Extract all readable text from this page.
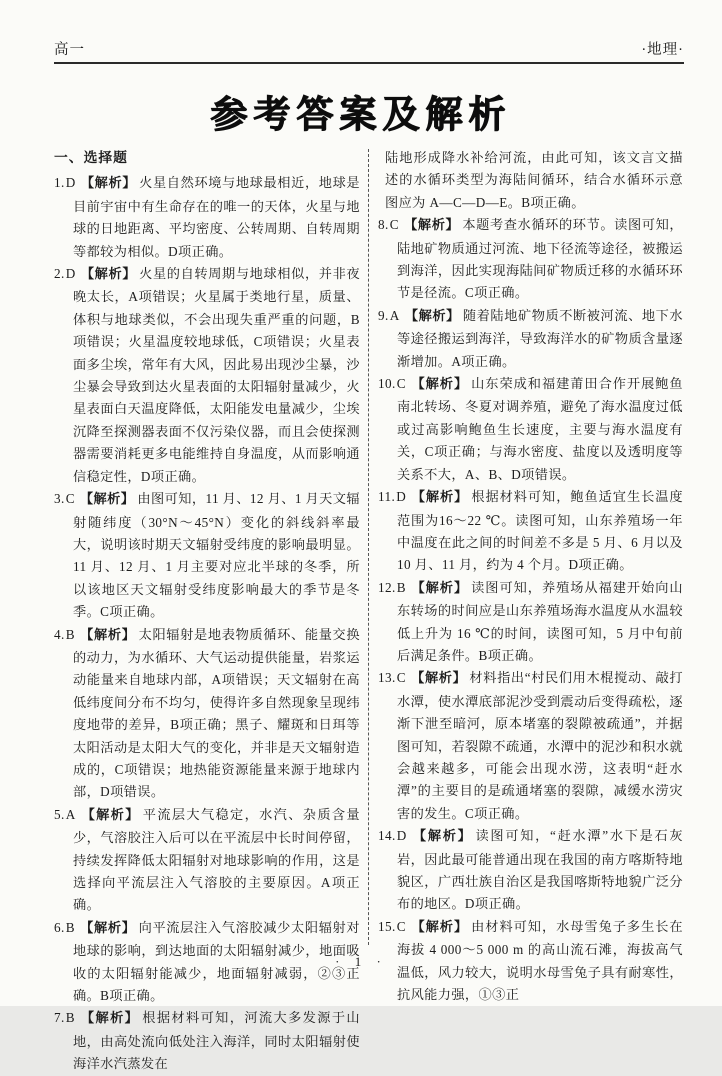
高一	·地理·
参考答案及解析

一、选择题

1.D 【解析】 火星自然环境与地球最相近，地球是目前宇宙中有生命存在的唯一的天体，火星与地球的日地距离、平均密度、公转周期、自转周期等都较为相似。D项正确。

2.D 【解析】 火星的自转周期与地球相似，并非夜晚太长，A项错误；火星属于类地行星，质量、体积与地球类似，不会出现失重严重的问题，B项错误；火星温度较地球低，C项错误；火星表面多尘埃，常年有大风，因此易出现沙尘暴，沙尘暴会导致到达火星表面的太阳辐射量减少，火星表面白天温度降低，太阳能发电量减少，尘埃沉降至探测器表面不仅污染仪器，而且会使探测器需要消耗更多电能维持自身温度，从而影响通信稳定性，D项正确。

3.C 【解析】 由图可知，11 月、12 月、1 月天文辐射随纬度（30°N～45°N）变化的斜线斜率最大，说明该时期天文辐射受纬度的影响最明显。11 月、12 月、1 月主要对应北半球的冬季，所以该地区天文辐射受纬度影响最大的季节是冬季。C项正确。

4.B 【解析】 太阳辐射是地表物质循环、能量交换的动力，为水循环、大气运动提供能量，岩浆运动能量来自地球内部，A项错误；天文辐射在高低纬度间分布不均匀，使得许多自然现象呈现纬度地带的差异，B项正确；黑子、耀斑和日珥等太阳活动是太阳大气的变化，并非是天文辐射造成的，C项错误；地热能资源能量来源于地球内部，D项错误。

5.A 【解析】 平流层大气稳定，水汽、杂质含量少，气溶胶注入后可以在平流层中长时间停留，持续发挥降低太阳辐射对地球影响的作用，这是选择向平流层注入气溶胶的主要原因。A项正确。

6.B 【解析】 向平流层注入气溶胶减少太阳辐射对地球的影响，到达地面的太阳辐射减少，地面吸收的太阳辐射能减少，地面辐射减弱，②③正确。B项正确。

7.B 【解析】 根据材料可知，河流大多发源于山地，由高处流向低处注入海洋，同时太阳辐射使海洋水汽蒸发在

陆地形成降水补给河流，由此可知，该文言文描述的水循环类型为海陆间循环，结合水循环示意图应为 A—C—D—E。B项正确。

8.C 【解析】 本题考查水循环的环节。读图可知，陆地矿物质通过河流、地下径流等途径，被搬运到海洋，因此实现海陆间矿物质迁移的水循环环节是径流。C项正确。

9.A 【解析】 随着陆地矿物质不断被河流、地下水等途径搬运到海洋，导致海洋水的矿物质含量逐渐增加。A项正确。

10.C 【解析】 山东荣成和福建莆田合作开展鲍鱼南北转场、冬夏对调养殖，避免了海水温度过低或过高影响鲍鱼生长速度，主要与海水温度有关，C项正确；与海水密度、盐度以及透明度等关系不大，A、B、D项错误。

11.D 【解析】 根据材料可知，鲍鱼适宜生长温度范围为16～22 ℃。读图可知，山东养殖场一年中温度在此之间的时间差不多是 5 月、6 月以及 10 月、11 月，约为 4 个月。D项正确。

12.B 【解析】 读图可知，养殖场从福建开始向山东转场的时间应是山东养殖场海水温度从水温较低上升为 16 ℃的时间，读图可知，5 月中旬前后满足条件。B项正确。

13.C 【解析】 材料指出“村民们用木棍搅动、敲打水潭，使水潭底部泥沙受到震动后变得疏松，逐渐下泄至暗河，原本堵塞的裂隙被疏通”，并据图可知，若裂隙不疏通，水潭中的泥沙和积水就会越来越多，可能会出现水涝，这表明“赶水潭”的主要目的是疏通堵塞的裂隙，减缓水涝灾害的发生。C项正确。

14.D 【解析】 读图可知，“赶水潭”水下是石灰岩，因此最可能普通出现在我国的南方喀斯特地貌区，广西壮族自治区是我国喀斯特地貌广泛分布的地区。D项正确。

15.C 【解析】 由材料可知，水母雪兔子多生长在海拔 4 000～5 000 m 的高山流石滩，海拔高气温低，风力较大，说明水母雪兔子具有耐寒性，抗风能力强，①③正

· 1 ·
